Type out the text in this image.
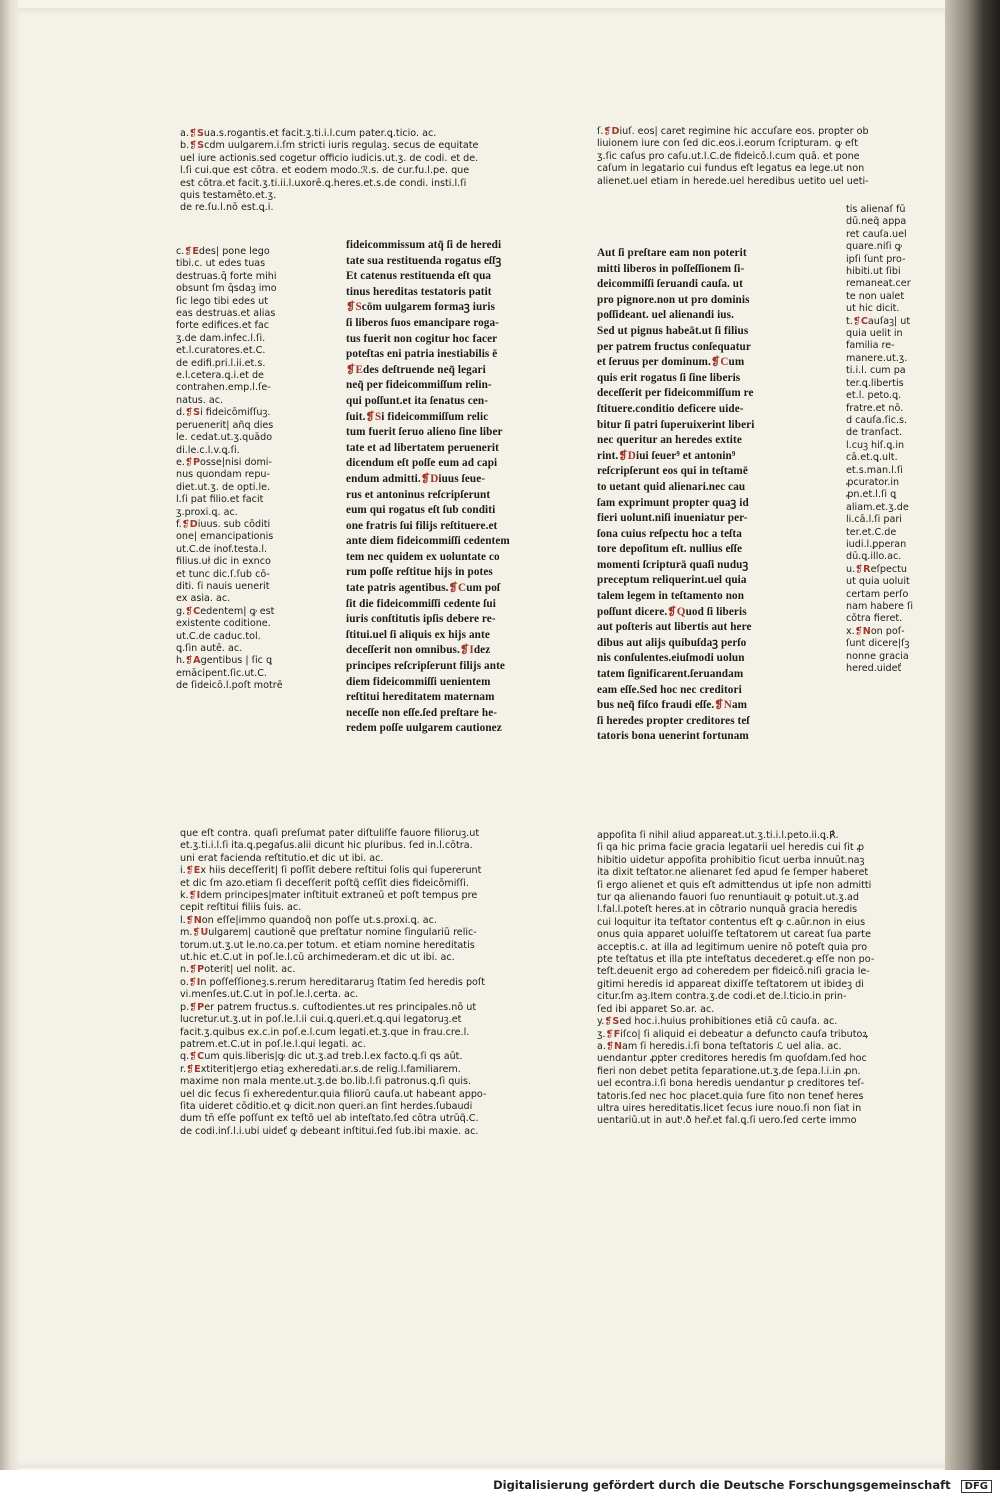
a.❡Sua.s.rogantis.et facit.ʒ.ti.i.l.cum pater.ꝗ.ticio. ac.

b.❡Scdm uulgarem.i.ſm stricti iuris regulaꝫ. secus de equitate

uel iure actionis.sed cogetur officio iudicis.ut.ʒ. de codi. et de.

l.ſi cui.que est cōtra. et eodem modo.ℛ.s. de cur.fu.l.pe. que

est cōtra.et facit.ʒ.ti.ii.l.uxorē.ꝗ.heres.et.s.de condi. insti.l.ſi

quis testamēto.et.ʒ.

de re.ſu.l.nō est.ꝗ.i.

c.❡Edes| pone lego

tibi.c. ut edes tuas

destruas.q̄ forte mihi

obsunt ſm q̄sdaꝫ imo

ſic lego tibi edes ut

eas destruas.et alias

forte edifices.et fac

ʒ.de dam.infec.l.ſi.

et.l.curatores.et.C.

de edifi.pri.l.ii.et.s.

e.l.cetera.ꝗ.i.et de

contrahen.emp.l.ſe-

natus. ac.

d.❡Si fideicōmiſſuꝫ.

peruenerit| añq dies

le. cedat.ut.ʒ.quādo

di.le.c.l.v.ꝗ.ſi.

e.❡Posse|nisi domi-

nus quondam repu-

diet.ut.ʒ. de opti.le.

l.ſi pat filio.et facit

ʒ.proxi.ꝗ. ac.

f.❡Diuus. sub cōditi

one| emancipationis

ut.C.de inof.testa.l.

filius.uł dic in exnco

et tunc dic.ſ.ſub cō-

diti. ſi nauis uenerit

ex asia. ac.

g.❡Cedentem| ꝙ est

existente coditione.

ut.C.de caduc.tol.

ꝗ.ſin autē. ac.

h.❡Agentibus | ſic ꝗ

emācipent.ſic.ut.C.

de ſideicō.l.poſt motrē

fideicommissum atq̃ ſi de heredi

tate sua restituenda rogatus eſſꝫ

Et catenus restituenda eſt qua

tinus hereditas testatoris patit

❡Scōm uulgarem formaꝫ iuris

ſi liberos ſuos emancipare roga-

tus fuerit non cogitur hoc facer

poteſtas eni patria inestiabilis ē

❡Edes deſtruende neq̃ legari

neq̃ per fideicommiſſum relin-

qui poſſunt.et ita ſenatus cen-

ſuit.❡Si fideicommiſſum relic

tum fuerit ſeruo alieno ſine liber

tate et ad libertatem peruenerit

dicendum eſt poſſe eum ad capi

endum admitti.❡Diuus ſeue-

rus et antoninus reſcripſerunt

eum qui rogatus eſt ſub conditi

one fratris ſui filijs reſtituere.et

ante diem fideicommiſſi cedentem

tem nec quidem ex uoluntate co

rum poſſe reſtitue hijs in potes

tate patris agentibus.❡Cum poſ

ſit die fideicommiſſi cedente ſui

iuris conſtitutis ipſis debere re-

ſtitui.uel ſi aliquis ex hijs ante

deceſſerit non omnibus.❡Idez

principes reſcripſerunt filijs ante

diem fideicommiſſi uenientem

reſtitui hereditatem maternam

neceſſe non eſſe.ſed preſtare he-

redem poſſe uulgarem cautionez

que eſt contra. quaſi preſumat pater diſtuliſſe fauore filioruꝫ.ut

et.ʒ.ti.i.l.ſi ita.ꝗ.pegaſus.alii dicunt hic pluribus. ſed in.l.cōtra.

uni erat facienda reſtitutio.et dic ut ibi. ac.

i.❡Ex hiis deceſſerit| ſi poſſit debere reſtitui ſolis qui ſupererunt

et dic ſm azo.etiam ſi deceſſerit poſtq̃ ceſſit dies fideicōmiſſi.

k.❡Idem principes|mater inſtituit extraneū et poſt tempus pre

cepit reſtitui filiis ſuis. ac.

l.❡Non eſſe|immo quandoq̃ non poſſe ut.s.proxi.ꝗ. ac.

m.❡Uulgarem| cautionē que preſtatur nomine ſingulariū relic-

torum.ut.ʒ.ut le.no.ca.per totum. et etiam nomine hereditatis

ut.hic et.C.ut in poſ.le.l.cū archimederam.et dic ut ibi. ac.

n.❡Poterit| uel nolit. ac.

o.❡In poſſeſſioneꝫ.s.rerum hereditararuꝫ ſtatim ſed heredis poſt

vi.menſes.ut.C.ut in poſ.le.l.certa. ac.

p.❡Per patrem fructus.s. cuſtodientes.ut res principales.nō ut

lucretur.ut.ʒ.ut in poſ.le.l.ii cui.ꝗ.queri.et.ꝗ.qui legatoruꝫ.et

facit.ʒ.quibus ex.c.in poſ.e.l.cum legati.et.ʒ.que in frau.cre.l.

patrem.et.C.ut in poſ.le.l.qui legati. ac.

q.❡Cum quis.liberis|ꝙ dic ut.ʒ.ad treb.l.ex facto.ꝗ.ſi qs aūt.

r.❡Extiterit|ergo etiaꝫ exheredati.ar.s.de relig.l.familiarem.

maxime non mala mente.ut.ʒ.de bo.lib.l.ſi patronus.ꝗ.ſi quis.

uel dic ſecus ſi exheredentur.quia filiorū cauſa.ut habeant appo-

ſita uideret cōditio.et ꝙ dicit.non queri.an ſint herdes.ſubaudi

dum tn̄ eſſe poſſunt ex teſtō uel ab inteſtato.ſed cōtra utrūq̃.C.

de codi.inſ.l.i.ubi uideť ꝙ debeant inſtitui.ſed ſub.ibi maxie. ac.

ſ.❡Diuſ. eos| caret regimine hic accuſare eos. propter ob

liuionem iure con ſed dic.eos.i.eorum ſcripturam. ꝙ eſt

ʒ.ſic caſus pro caſu.ut.l.C.de fideicō.l.cum quā. et pone

caſum in legatario cui fundus eſt legatus ea lege.ut non

alienet.uel etiam in herede.uel heredibus uetito uel ueti-

Aut ſi preſtare eam non poterit

mitti liberos in poſſeſſionem ſi-

deicommiſſi ſeruandi cauſa. ut

pro pignore.non ut pro dominis

poſſideant. uel alienandi ius.

Sed ut pignus habeāt.ut ſi filius

per patrem fructus conſequatur

et ſeruus per dominum.❡Cum

quis erit rogatus ſi ſine liberis

deceſſerit per fideicommiſſum re

ſtituere.conditio deficere uide-

bitur ſi patri ſuperuixerint liberi

nec queritur an heredes extite

rint.❡Diui ſeuer⁹ et antonin⁹

reſcripſerunt eos qui in teſtamē

to uetant quid alienari.nec cau

ſam exprimunt propter quaꝫ id

fieri uolunt.niſi inueniatur per-

ſona cuius reſpectu hoc a teſta

tore depoſitum eſt. nullius eſſe

momenti ſcripturā quaſi nuduꝫ

preceptum reliquerint.uel quia

talem legem in teſtamento non

poſſunt dicere.❡Quod ſi liberis

aut poſteris aut libertis aut here

dibus aut alijs quibuſdaꝫ perſo

nis conſulentes.eiuſmodi uolun

tatem ſignificarent.ſeruandam

eam eſſe.Sed hoc nec creditori

bus neq̃ fiſco fraudi eſſe.❡Nam

ſi heredes propter creditores teſ

tatoris bona uenerint fortunam

tis alienaſ fū

dū.neq̃ appa

ret cauſa.uel

quare.niſi ꝙ

ipſi ſunt pro-

hibiti.ut ſibi

remaneat.cer

te non ualet

ut hic dicit.

t.❡Cauſaꝫ| ut

quia uelit in

familia re-

manere.ut.ʒ.

ti.i.l. cum pa

ter.ꝗ.libertis

et.l. peto.ꝗ.

fratre.et nō.

d cauſa.ſic.s.

de tranſact.

l.cuꝫ hiſ.ꝗ.in

cā.et.ꝗ.ult.

et.s.man.l.ſi

ꝓcurator.in

ꝓn.et.l.ſi ꝗ

aliam.et.ʒ.de

li.cā.l.ſi pari

ter.et.C.de

iudi.l.ꝑperan

dū.ꝗ.illo.ac.

u.❡Reſpectu

ut quia uoluit

certam perſo

nam habere ſi

cōtra fieret.

x.❡Non poſ-

ſunt dicere|ſꝫ

nonne gracia

hered̄.uideť

appoſita ſi nihil aliud appareat.ut.ʒ.ti.i.l.peto.ii.ꝗ.℟.

ſi qa hic prima facie gracia legatarii uel heredis cui ſit ꝓ

hibitio uidetur appoſita prohibitio ſicut uerba innuūt.naꝫ

ita dixit teſtator.ne alienaret ſed apud ſe ſemper haberet

ſi ergo alienet et quis eſt admittendus ut ipſe non admitti

tur qa alienando fauori ſuo renuntiauit ꝙ potuit.ut.ʒ.ad

l.fal.l.poteſt heres.at in cōtrario nunquā gracia heredis

cui loquitur ita teſtator contentus eſt ꝙ c.aūr.non in eius

onus quia apparet uoluiſſe teſtatorem ut careat ſua parte

acceptis.c. at illa ad legitimum uenire nō poteſt quia pro

pte teſtatus et illa pte inteſtatus decederet.ꝙ eſſe non po-

teſt.deuenit ergo ad coheredem per fideicō.niſi gracia le-

gitimi heredis id appareat dixiſſe teſtatorem ut ibideꝫ di

citur.ſm aꝫ.Item contra.ʒ.de codi.et de.l.ticio.in prin-

ſed ibi apparet So.ar. ac.

y.❡Sed hoc.i.huius prohibitiones etiā cū cauſa. ac.

ʒ.❡Fiſco| ſi aliquid ei debeatur a defuncto cauſa tributoꝝ

a.❡Nam ſi heredis.i.ſi bona teſtatoris ℒ uel alia. ac.

uendantur ꝓpter creditores heredis ſm quoſdam.ſed hoc

fieri non debet petita ſeparatione.ut.ʒ.de ſepa.l.i.in ꝓn.

uel econtra.i.ſi bona heredis uendantur ꝑ creditores teſ-

tatoris.ſed nec hoc placet.quia ſure ſito non teneť heres

ultra uires hereditatis.licet ſecus iure nouo.ſi non ſiat in

uentariū.ut in autⁱ.ð heř.et fal.ꝗ.ſi uero.ſed certe immo

Digitalisierung gefördert durch die Deutsche Forschungsgemeinschaft DFG
